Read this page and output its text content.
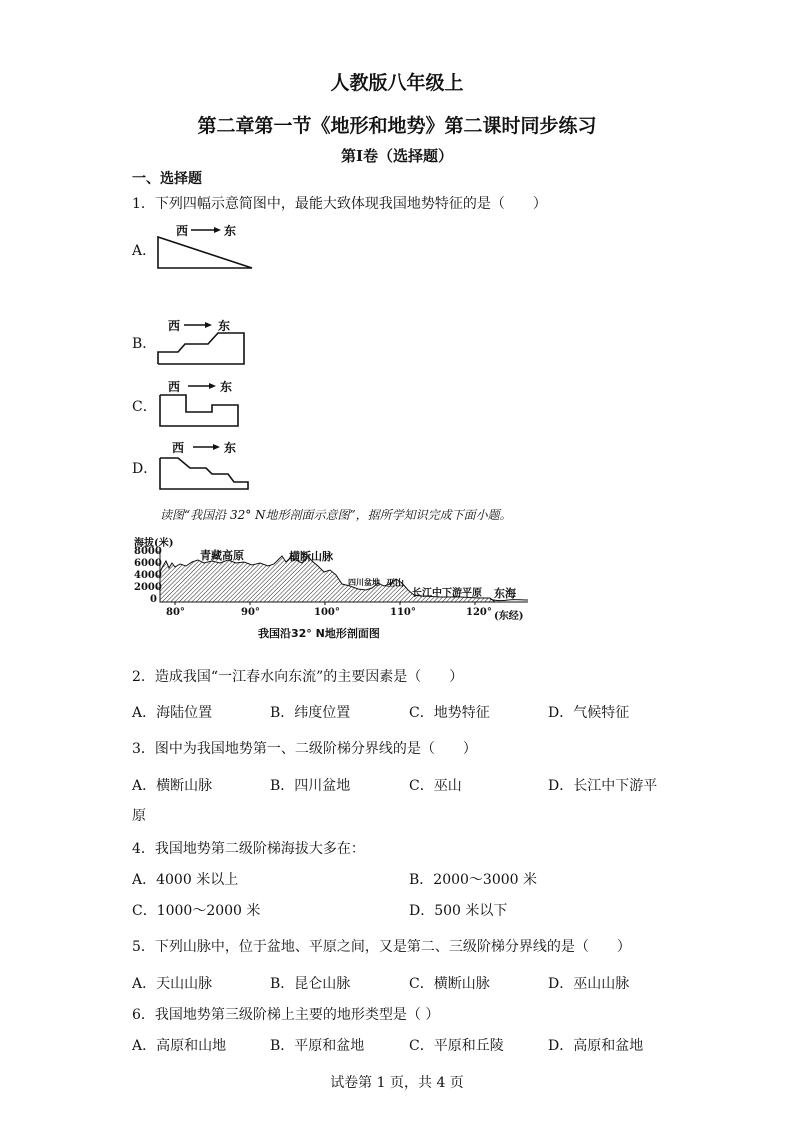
人教版八年级上
第二章第一节《地形和地势》第二课时同步练习
第Ⅰ卷（选择题）
一、选择题
1．下列四幅示意简图中，最能大致体现我国地势特征的是（　　）
A．
西	东
B．
西	东
C．
西	东
D．
西	东
读图“我国沿 32° N地形剖面示意图”，据所学知识完成下面小题。
海拔(米)
8000
6000
4000
2000
0
80°	90°	100°	110°	120° (东经)
青藏高原	横断山脉
四川盆地 巫山
长江中下游平原 东海
我国沿32° N地形剖面图
2．造成我国“一江春水向东流”的主要因素是（　　）
A．海陆位置	B．纬度位置	C．地势特征	D．气候特征
3．图中为我国地势第一、二级阶梯分界线的是（　　）
A．横断山脉	B．四川盆地	C．巫山	D．长江中下游平
原
4．我国地势第二级阶梯海拔大多在：
A．4000 米以上	B．2000～3000 米
C．1000～2000 米	D．500 米以下
5．下列山脉中，位于盆地、平原之间，又是第二、三级阶梯分界线的是（　　）
A．天山山脉	B．昆仑山脉	C．横断山脉	D．巫山山脉
6．我国地势第三级阶梯上主要的地形类型是（ ）
A．高原和山地	B．平原和盆地	C．平原和丘陵	D．高原和盆地
试卷第 1 页，共 4 页
